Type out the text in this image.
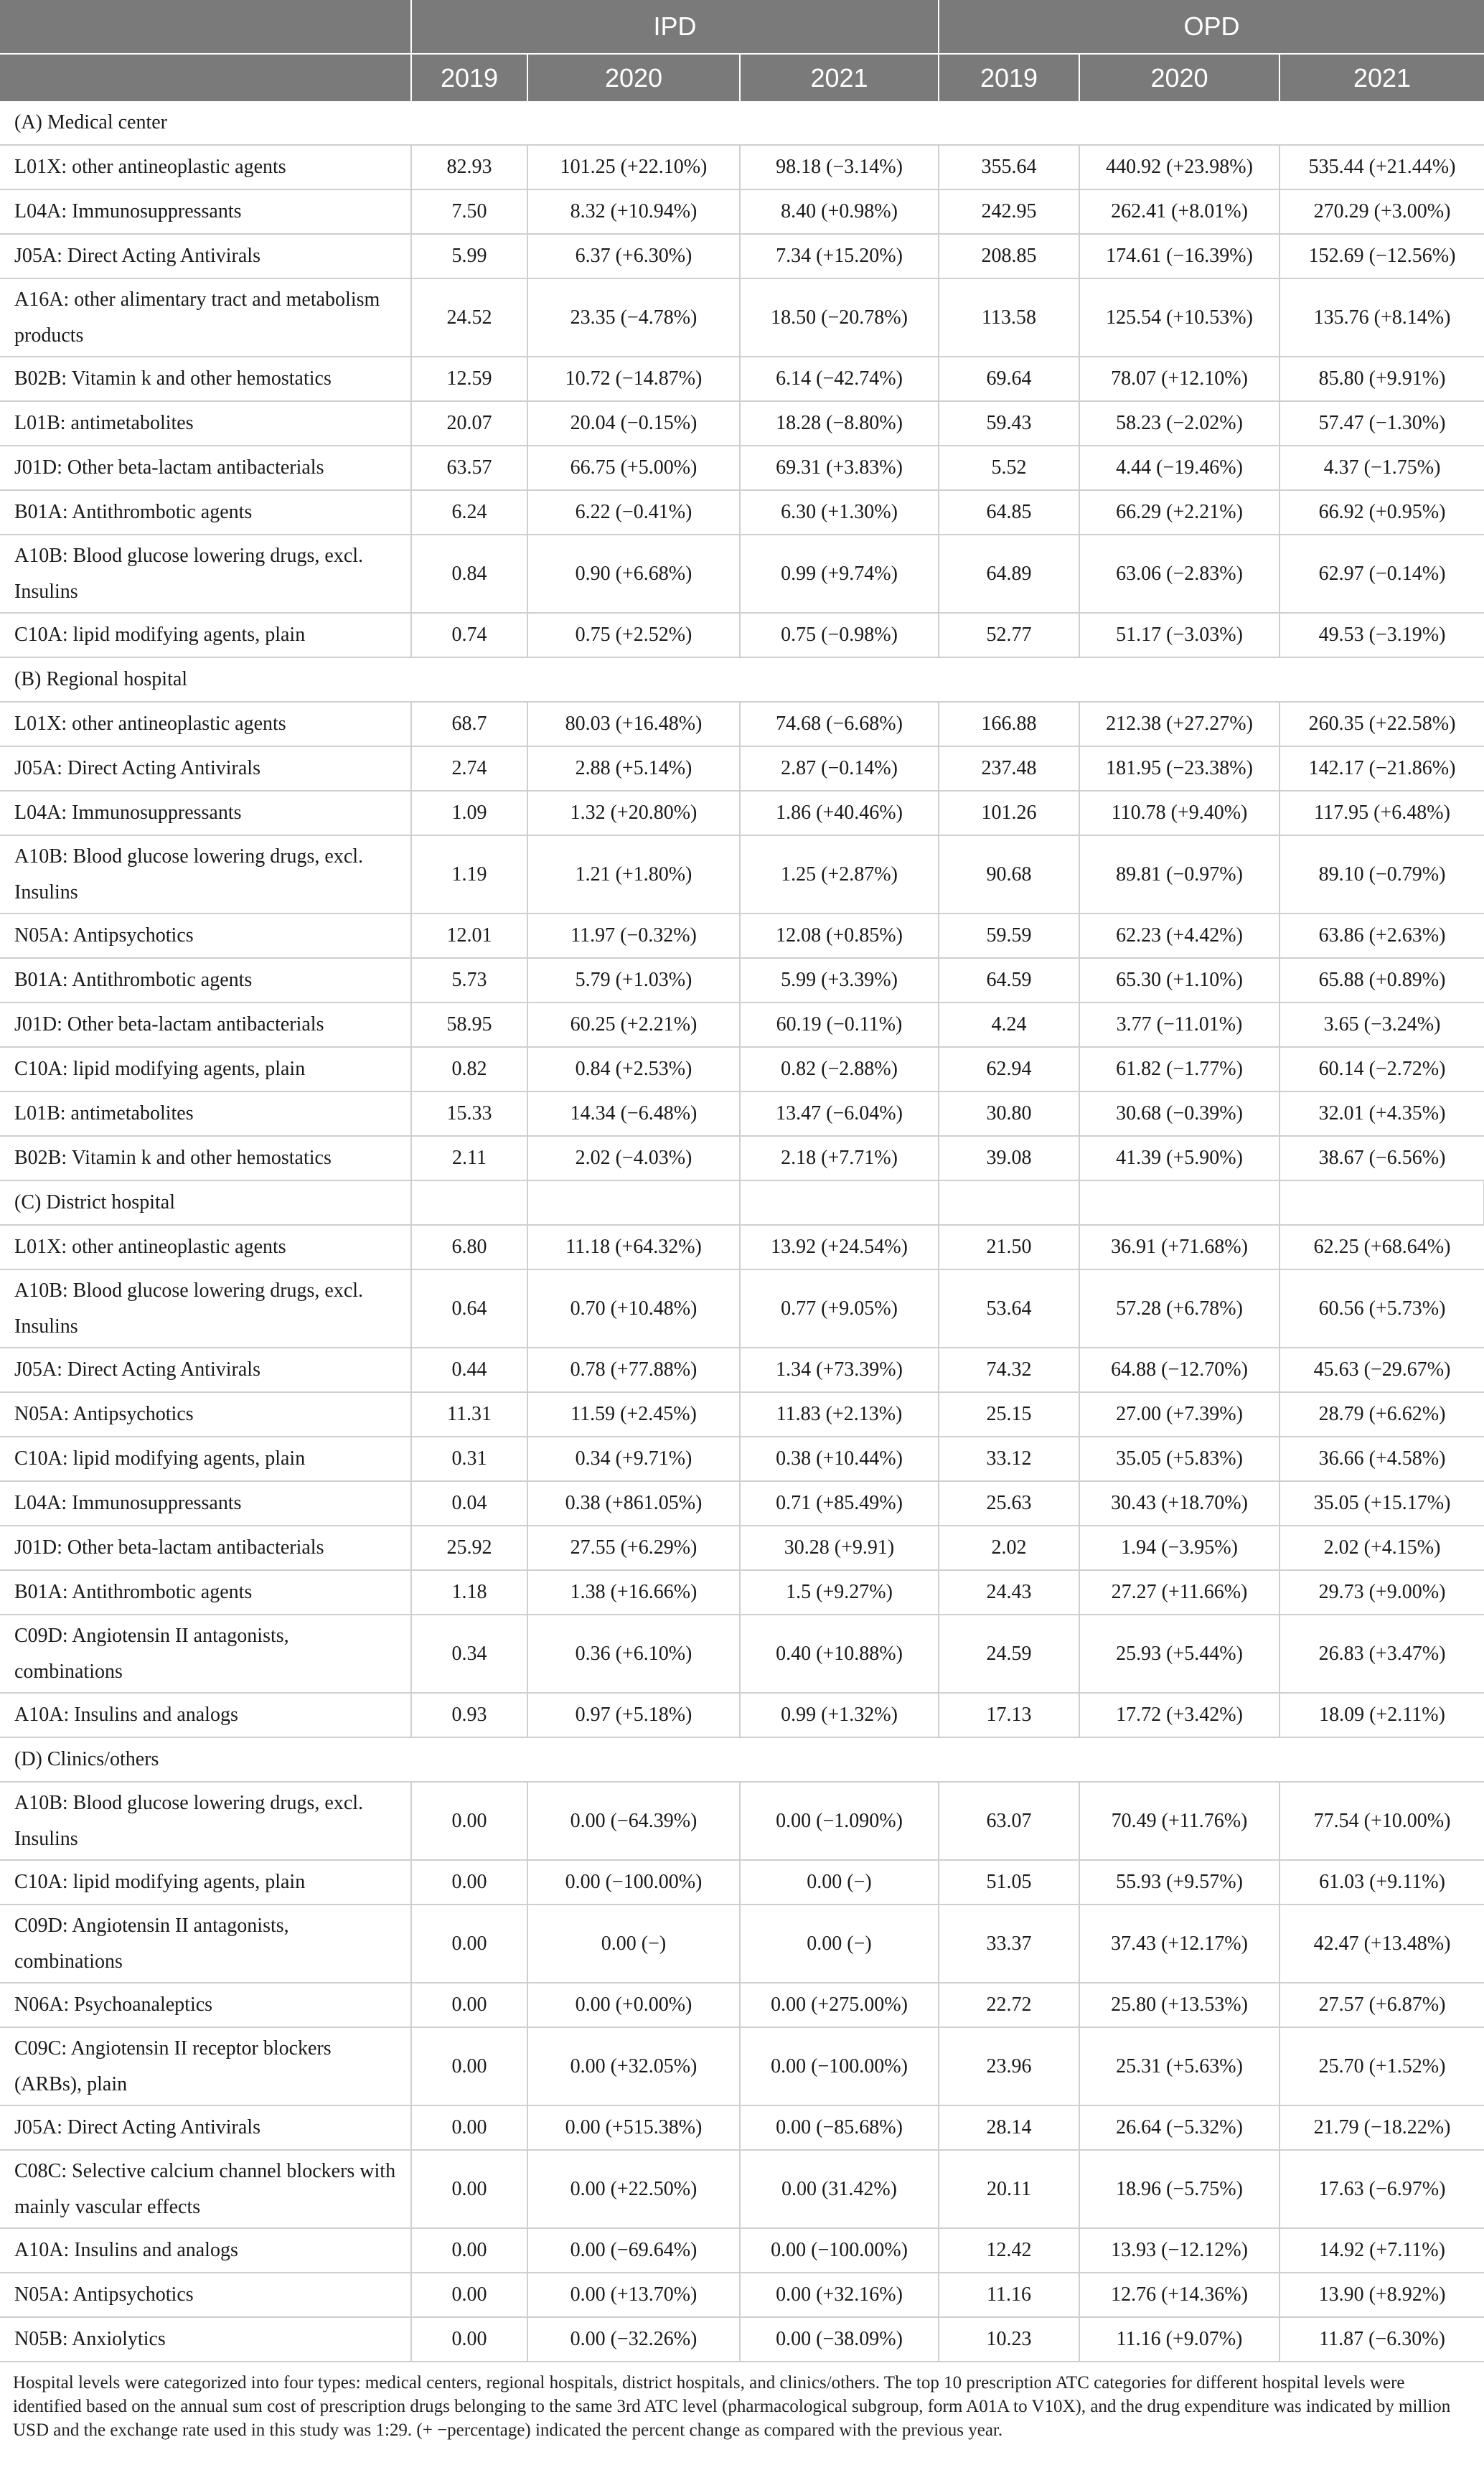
	IPD			OPD		
	2019	2020	2021	2019	2020	2021
(A) Medical center						
L01X: other antineoplastic agents	82.93	101.25 (+22.10%)	98.18 (−3.14%)	355.64	440.92 (+23.98%)	535.44 (+21.44%)
L04A: Immunosuppressants	7.50	8.32 (+10.94%)	8.40 (+0.98%)	242.95	262.41 (+8.01%)	270.29 (+3.00%)
J05A: Direct Acting Antivirals	5.99	6.37 (+6.30%)	7.34 (+15.20%)	208.85	174.61 (−16.39%)	152.69 (−12.56%)
A16A: other alimentary tract and metabolism products	24.52	23.35 (−4.78%)	18.50 (−20.78%)	113.58	125.54 (+10.53%)	135.76 (+8.14%)
B02B: Vitamin k and other hemostatics	12.59	10.72 (−14.87%)	6.14 (−42.74%)	69.64	78.07 (+12.10%)	85.80 (+9.91%)
L01B: antimetabolites	20.07	20.04 (−0.15%)	18.28 (−8.80%)	59.43	58.23 (−2.02%)	57.47 (−1.30%)
J01D: Other beta-lactam antibacterials	63.57	66.75 (+5.00%)	69.31 (+3.83%)	5.52	4.44 (−19.46%)	4.37 (−1.75%)
B01A: Antithrombotic agents	6.24	6.22 (−0.41%)	6.30 (+1.30%)	64.85	66.29 (+2.21%)	66.92 (+0.95%)
A10B: Blood glucose lowering drugs, excl. Insulins	0.84	0.90 (+6.68%)	0.99 (+9.74%)	64.89	63.06 (−2.83%)	62.97 (−0.14%)
C10A: lipid modifying agents, plain	0.74	0.75 (+2.52%)	0.75 (−0.98%)	52.77	51.17 (−3.03%)	49.53 (−3.19%)
(B) Regional hospital						
L01X: other antineoplastic agents	68.7	80.03 (+16.48%)	74.68 (−6.68%)	166.88	212.38 (+27.27%)	260.35 (+22.58%)
J05A: Direct Acting Antivirals	2.74	2.88 (+5.14%)	2.87 (−0.14%)	237.48	181.95 (−23.38%)	142.17 (−21.86%)
L04A: Immunosuppressants	1.09	1.32 (+20.80%)	1.86 (+40.46%)	101.26	110.78 (+9.40%)	117.95 (+6.48%)
A10B: Blood glucose lowering drugs, excl. Insulins	1.19	1.21 (+1.80%)	1.25 (+2.87%)	90.68	89.81 (−0.97%)	89.10 (−0.79%)
N05A: Antipsychotics	12.01	11.97 (−0.32%)	12.08 (+0.85%)	59.59	62.23 (+4.42%)	63.86 (+2.63%)
B01A: Antithrombotic agents	5.73	5.79 (+1.03%)	5.99 (+3.39%)	64.59	65.30 (+1.10%)	65.88 (+0.89%)
J01D: Other beta-lactam antibacterials	58.95	60.25 (+2.21%)	60.19 (−0.11%)	4.24	3.77 (−11.01%)	3.65 (−3.24%)
C10A: lipid modifying agents, plain	0.82	0.84 (+2.53%)	0.82 (−2.88%)	62.94	61.82 (−1.77%)	60.14 (−2.72%)
L01B: antimetabolites	15.33	14.34 (−6.48%)	13.47 (−6.04%)	30.80	30.68 (−0.39%)	32.01 (+4.35%)
B02B: Vitamin k and other hemostatics	2.11	2.02 (−4.03%)	2.18 (+7.71%)	39.08	41.39 (+5.90%)	38.67 (−6.56%)
(C) District hospital						
L01X: other antineoplastic agents	6.80	11.18 (+64.32%)	13.92 (+24.54%)	21.50	36.91 (+71.68%)	62.25 (+68.64%)
A10B: Blood glucose lowering drugs, excl. Insulins	0.64	0.70 (+10.48%)	0.77 (+9.05%)	53.64	57.28 (+6.78%)	60.56 (+5.73%)
J05A: Direct Acting Antivirals	0.44	0.78 (+77.88%)	1.34 (+73.39%)	74.32	64.88 (−12.70%)	45.63 (−29.67%)
N05A: Antipsychotics	11.31	11.59 (+2.45%)	11.83 (+2.13%)	25.15	27.00 (+7.39%)	28.79 (+6.62%)
C10A: lipid modifying agents, plain	0.31	0.34 (+9.71%)	0.38 (+10.44%)	33.12	35.05 (+5.83%)	36.66 (+4.58%)
L04A: Immunosuppressants	0.04	0.38 (+861.05%)	0.71 (+85.49%)	25.63	30.43 (+18.70%)	35.05 (+15.17%)
J01D: Other beta-lactam antibacterials	25.92	27.55 (+6.29%)	30.28 (+9.91)	2.02	1.94 (−3.95%)	2.02 (+4.15%)
B01A: Antithrombotic agents	1.18	1.38 (+16.66%)	1.5 (+9.27%)	24.43	27.27 (+11.66%)	29.73 (+9.00%)
C09D: Angiotensin II antagonists, combinations	0.34	0.36 (+6.10%)	0.40 (+10.88%)	24.59	25.93 (+5.44%)	26.83 (+3.47%)
A10A: Insulins and analogs	0.93	0.97 (+5.18%)	0.99 (+1.32%)	17.13	17.72 (+3.42%)	18.09 (+2.11%)
(D) Clinics/others						
A10B: Blood glucose lowering drugs, excl. Insulins	0.00	0.00 (−64.39%)	0.00 (−1.090%)	63.07	70.49 (+11.76%)	77.54 (+10.00%)
C10A: lipid modifying agents, plain	0.00	0.00 (−100.00%)	0.00 (−)	51.05	55.93 (+9.57%)	61.03 (+9.11%)
C09D: Angiotensin II antagonists, combinations	0.00	0.00 (−)	0.00 (−)	33.37	37.43 (+12.17%)	42.47 (+13.48%)
N06A: Psychoanaleptics	0.00	0.00 (+0.00%)	0.00 (+275.00%)	22.72	25.80 (+13.53%)	27.57 (+6.87%)
C09C: Angiotensin II receptor blockers (ARBs), plain	0.00	0.00 (+32.05%)	0.00 (−100.00%)	23.96	25.31 (+5.63%)	25.70 (+1.52%)
J05A: Direct Acting Antivirals	0.00	0.00 (+515.38%)	0.00 (−85.68%)	28.14	26.64 (−5.32%)	21.79 (−18.22%)
C08C: Selective calcium channel blockers with mainly vascular effects	0.00	0.00 (+22.50%)	0.00 (31.42%)	20.11	18.96 (−5.75%)	17.63 (−6.97%)
A10A: Insulins and analogs	0.00	0.00 (−69.64%)	0.00 (−100.00%)	12.42	13.93 (−12.12%)	14.92 (+7.11%)
N05A: Antipsychotics	0.00	0.00 (+13.70%)	0.00 (+32.16%)	11.16	12.76 (+14.36%)	13.90 (+8.92%)
N05B: Anxiolytics	0.00	0.00 (−32.26%)	0.00 (−38.09%)	10.23	11.16 (+9.07%)	11.87 (−6.30%)
Hospital levels were categorized into four types: medical centers, regional hospitals, district hospitals, and clinics/others. The top 10 prescription ATC categories for different hospital levels were identified based on the annual sum cost of prescription drugs belonging to the same 3rd ATC level (pharmacological subgroup, form A01A to V10X), and the drug expenditure was indicated by million USD and the exchange rate used in this study was 1:29. (+ −percentage) indicated the percent change as compared with the previous year.
